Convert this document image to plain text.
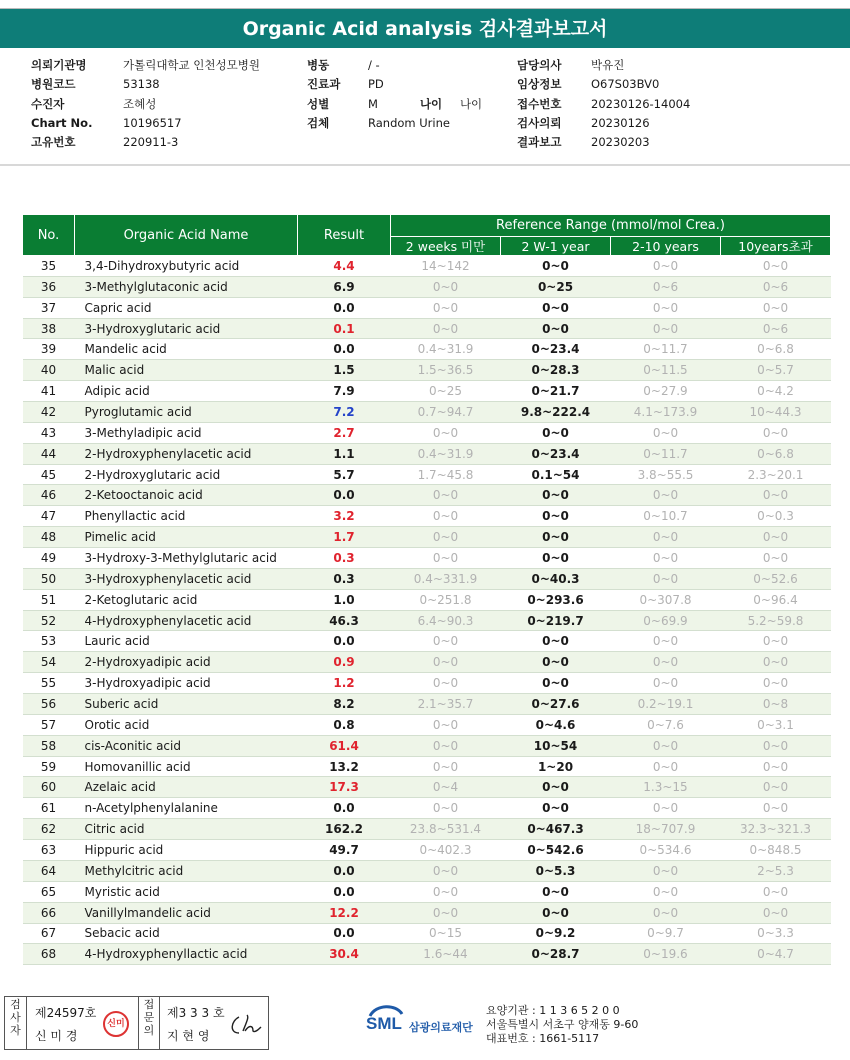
Organic Acid analysis 검사결과보고서
의뢰기관명	가톨릭대학교 인천성모병원
병원코드	53138
수진자	조혜성
Chart No.	10196517
고유번호	220911-3
병동	/ -
진료과 PD
성별	M	나이 나이
검체	Random Urine
담당의사	박유진
임상정보	O67S03BV0
접수번호	20230126-14004
검사의뢰	20230126
결과보고	20230203
No.	Organic Acid Name	Result	Reference Range (mmol/mol Crea.)			
			2 weeks 미만	2 W-1 year	2-10 years	10years초과
35	3,4-Dihydroxybutyric acid	4.4	14~142	0~0	0~0	0~0
36	3-Methylglutaconic acid	6.9	0~0	0~25	0~6	0~6
37	Capric acid	0.0	0~0	0~0	0~0	0~0
38	3-Hydroxyglutaric acid	0.1	0~0	0~0	0~0	0~6
39	Mandelic acid	0.0	0.4~31.9	0~23.4	0~11.7	0~6.8
40	Malic acid	1.5	1.5~36.5	0~28.3	0~11.5	0~5.7
41	Adipic acid	7.9	0~25	0~21.7	0~27.9	0~4.2
42	Pyroglutamic acid	7.2	0.7~94.7	9.8~222.4	4.1~173.9	10~44.3
43	3-Methyladipic acid	2.7	0~0	0~0	0~0	0~0
44	2-Hydroxyphenylacetic acid	1.1	0.4~31.9	0~23.4	0~11.7	0~6.8
45	2-Hydroxyglutaric acid	5.7	1.7~45.8	0.1~54	3.8~55.5	2.3~20.1
46	2-Ketooctanoic acid	0.0	0~0	0~0	0~0	0~0
47	Phenyllactic acid	3.2	0~0	0~0	0~10.7	0~0.3
48	Pimelic acid	1.7	0~0	0~0	0~0	0~0
49	3-Hydroxy-3-Methylglutaric acid	0.3	0~0	0~0	0~0	0~0
50	3-Hydroxyphenylacetic acid	0.3	0.4~331.9	0~40.3	0~0	0~52.6
51	2-Ketoglutaric acid	1.0	0~251.8	0~293.6	0~307.8	0~96.4
52	4-Hydroxyphenylacetic acid	46.3	6.4~90.3	0~219.7	0~69.9	5.2~59.8
53	Lauric acid	0.0	0~0	0~0	0~0	0~0
54	2-Hydroxyadipic acid	0.9	0~0	0~0	0~0	0~0
55	3-Hydroxyadipic acid	1.2	0~0	0~0	0~0	0~0
56	Suberic acid	8.2	2.1~35.7	0~27.6	0.2~19.1	0~8
57	Orotic acid	0.8	0~0	0~4.6	0~7.6	0~3.1
58	cis-Aconitic acid	61.4	0~0	10~54	0~0	0~0
59	Homovanillic acid	13.2	0~0	1~20	0~0	0~0
60	Azelaic acid	17.3	0~4	0~0	1.3~15	0~0
61	n-Acetylphenylalanine	0.0	0~0	0~0	0~0	0~0
62	Citric acid	162.2	23.8~531.4	0~467.3	18~707.9	32.3~321.3
63	Hippuric acid	49.7	0~402.3	0~542.6	0~534.6	0~848.5
64	Methylcitric acid	0.0	0~0	0~5.3	0~0	2~5.3
65	Myristic acid	0.0	0~0	0~0	0~0	0~0
66	Vanillylmandelic acid	12.2	0~0	0~0	0~0	0~0
67	Sebacic acid	0.0	0~15	0~9.2	0~9.7	0~3.3
68	4-Hydroxyphenyllactic acid	30.4	1.6~44	0~28.7	0~19.6	0~4.7
검
사
자
제24597호
신 미 경
신미
접
문
의
제3 3 3 호
지 현 영
SML 삼광의료재단
요양기관 : 1 1 3 6 5 2 0 0
서울특별시 서초구 양재동 9-60
대표번호 : 1661-5117
